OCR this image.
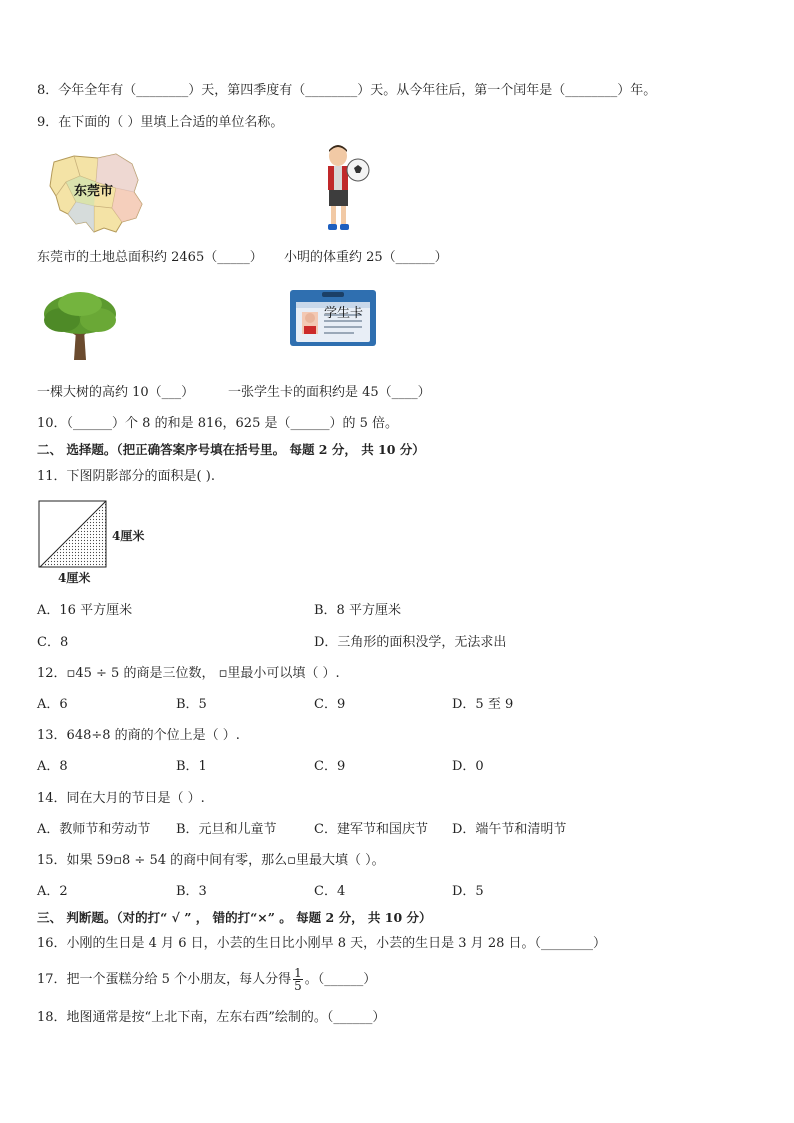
8．今年全年有（________）天，第四季度有（________）天。从今年往后，第一个闰年是（________）年。
9．在下面的（ ）里填上合适的单位名称。
东莞市
东莞市的土地总面积约 2465（_____） 小明的体重约 25（______）
学生卡
一棵大树的高约 10（___）	一张学生卡的面积约是 45（____）
10．（______）个 8 的和是 816，625 是（______）的 5 倍。
二、 选择题。（把正确答案序号填在括号里。 每题 2 分， 共 10 分）
11．下图阴影部分的面积是( ).
4厘米
4厘米
A．16 平方厘米	B．8 平方厘米
C．8	D．三角形的面积没学，无法求出
12．▫45 ÷ 5 的商是三位数， ▫里最小可以填（ ）.
A．6	B．5	C．9	D．5 至 9
13．648÷8 的商的个位上是（ ）.
A．8	B．1	C．9	D．0
14．同在大月的节日是（ ）.
A．教师节和劳动节 B．元旦和儿童节	C．建军节和国庆节 D．端午节和清明节
15．如果 59▫8 ÷ 54 的商中间有零，那么▫里最大填（ ）。
A．2	B．3	C．4	D．5
三、 判断题。（对的打“ √ ” ， 错的打“×” 。 每题 2 分， 共 10 分）
16．小刚的生日是 4 月 6 日，小芸的生日比小刚早 8 天，小芸的生日是 3 月 28 日。（________）
17．把一个蛋糕分给 5 个小朋友，每人分得 $\frac{1}{5}$ 。（______）
18．地图通常是按“上北下南，左东右西”绘制的。（______）
